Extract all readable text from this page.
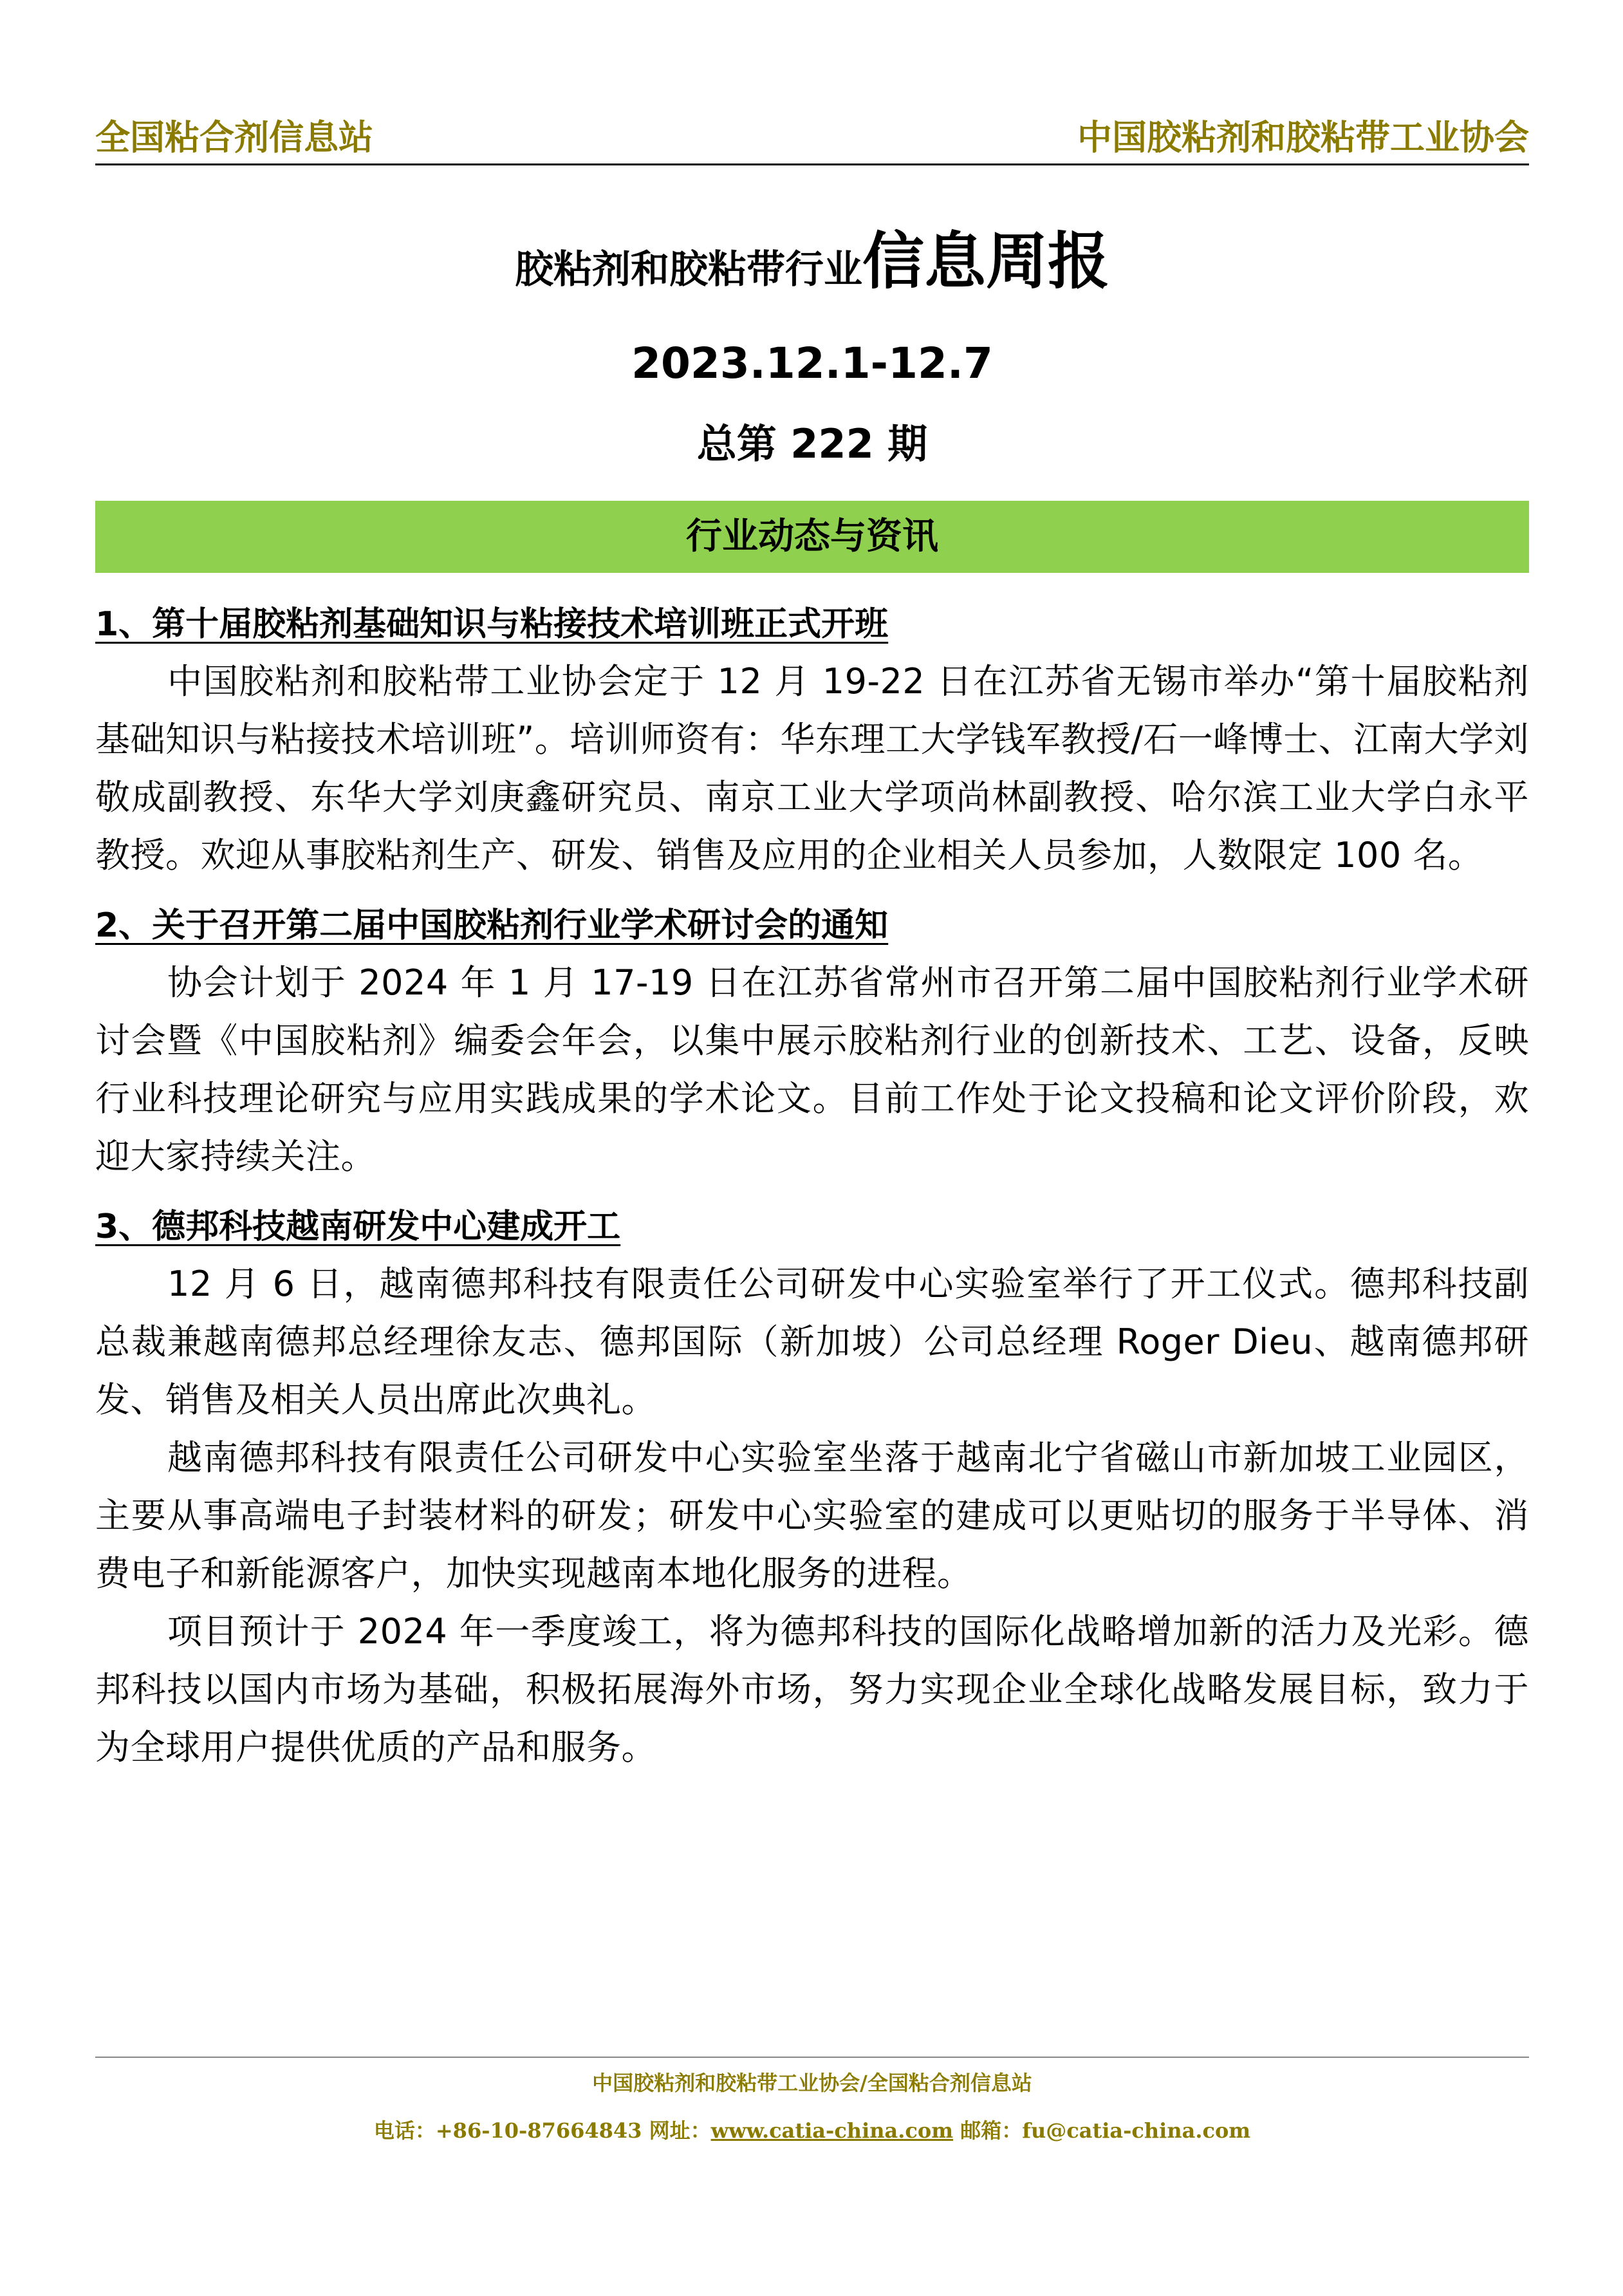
全国粘合剂信息站	中国胶粘剂和胶粘带工业协会
胶粘剂和胶粘带行业信息周报
2023.12.1-12.7
总第 222 期
行业动态与资讯

1、第十届胶粘剂基础知识与粘接技术培训班正式开班

中国胶粘剂和胶粘带工业协会定于 12 月 19-22 日在江苏省无锡市举办“第十届胶粘剂基础知识与粘接技术培训班”。培训师资有：华东理工大学钱军教授/石一峰博士、江南大学刘敬成副教授、东华大学刘庚鑫研究员、南京工业大学项尚林副教授、哈尔滨工业大学白永平教授。欢迎从事胶粘剂生产、研发、销售及应用的企业相关人员参加，人数限定 100 名。

2、关于召开第二届中国胶粘剂行业学术研讨会的通知

协会计划于 2024 年 1 月 17-19 日在江苏省常州市召开第二届中国胶粘剂行业学术研讨会暨《中国胶粘剂》编委会年会，以集中展示胶粘剂行业的创新技术、工艺、设备，反映行业科技理论研究与应用实践成果的学术论文。目前工作处于论文投稿和论文评价阶段，欢迎大家持续关注。

3、德邦科技越南研发中心建成开工

12 月 6 日，越南德邦科技有限责任公司研发中心实验室举行了开工仪式。德邦科技副总裁兼越南德邦总经理徐友志、德邦国际（新加坡）公司总经理 Roger Dieu、越南德邦研发、销售及相关人员出席此次典礼。

越南德邦科技有限责任公司研发中心实验室坐落于越南北宁省磁山市新加坡工业园区，主要从事高端电子封装材料的研发；研发中心实验室的建成可以更贴切的服务于半导体、消费电子和新能源客户，加快实现越南本地化服务的进程。

项目预计于 2024 年一季度竣工，将为德邦科技的国际化战略增加新的活力及光彩。德邦科技以国内市场为基础，积极拓展海外市场，努力实现企业全球化战略发展目标，致力于为全球用户提供优质的产品和服务。

中国胶粘剂和胶粘带工业协会/全国粘合剂信息站
电话：+86-10-87664843 网址：www.catia-china.com 邮箱：fu@catia-china.com
